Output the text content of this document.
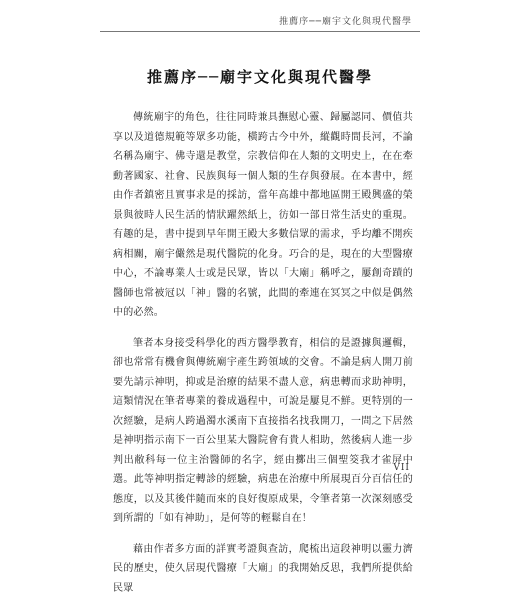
推薦序──廟宇文化與現代醫學
推薦序──廟宇文化與現代醫學

傳統廟宇的角色，往往同時兼具撫慰心靈、歸屬認同、價值共享以及道德規範等眾多功能，橫跨古今中外，縱觀時間長河，不論名稱為廟宇、佛寺還是教堂，宗教信仰在人類的文明史上，在在牽動著國家、社會、民族與每一個人類的生存與發展。在本書中，經由作者鎮密且實事求是的採訪，當年高雄中都地區開王殿興盛的榮景與彼時人民生活的情狀躍然紙上，彷如一部日常生活史的重現。有趣的是，書中提到早年開王殿大多數信眾的需求，乎均離不開疾病相關，廟宇儼然是現代醫院的化身。巧合的是，現在的大型醫療中心，不論專業人士或是民眾，皆以「大廟」稱呼之，屢創奇蹟的醫師也常被冠以「神」醫的名號，此間的牽連在冥冥之中似是偶然中的必然。

筆者本身接受科學化的西方醫學教育，相信的是證據與邏輯，卻也常常有機會與傳統廟宇產生跨領域的交會。不論是病人開刀前要先請示神明，抑或是治療的結果不盡人意，病患轉而求助神明，這類情況在筆者專業的養成過程中，可說是屢見不鮮。更特別的一次經驗，是病人跨過濁水溪南下直接指名找我開刀，一問之下居然是神明指示南下一百公里某大醫院會有貴人相助，然後病人進一步判出敝科每一位主治醫師的名字，經由擲出三個聖筊我才雀屏中選。此等神明指定轉診的經驗，病患在治療中所展現百分百信任的態度，以及其後伴隨而來的良好復原成果，令筆者第一次深刻感受到所謂的「如有神助」，是何等的輕鬆自在！

藉由作者多方面的詳實考證與查訪，爬梳出這段神明以靈力濟民的歷史，使久居現代醫療「大廟」的我開始反思，我們所提供給民眾

VII
